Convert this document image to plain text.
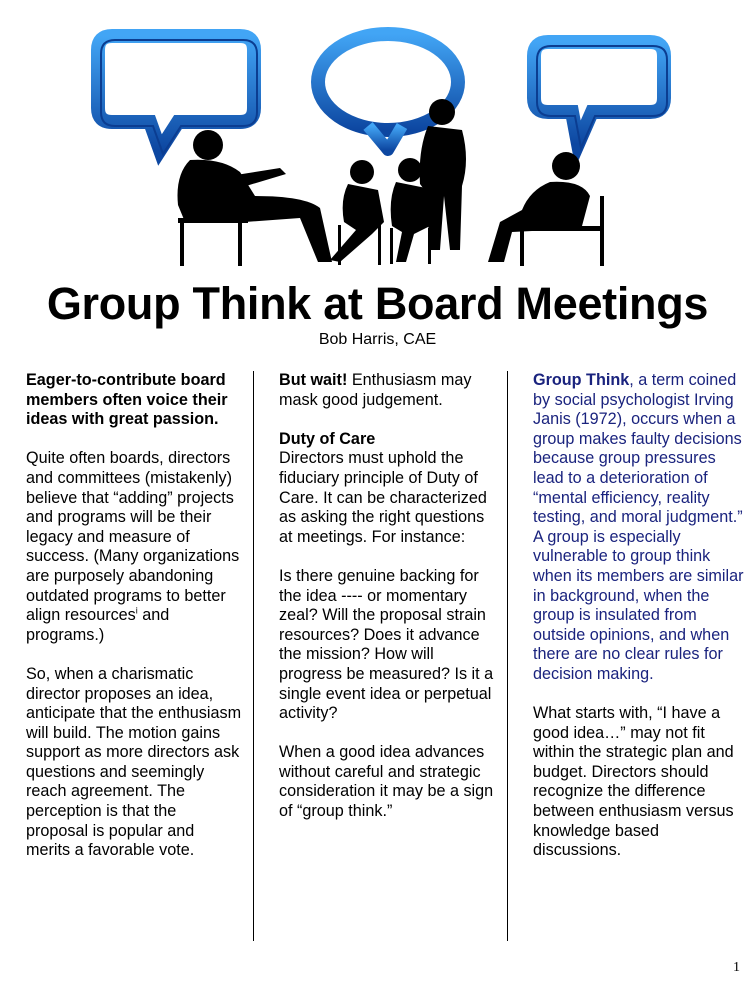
Group Think at Board Meetings
Bob Harris, CAE

Eager-to-contribute board members often voice their ideas with great passion.

Quite often boards, directors and committees (mistakenly) believe that “adding” projects and programs will be their legacy and measure of success. (Many organizations are purposely abandoning outdated programs to better align resources$^i$ and programs.)

So, when a charismatic director proposes an idea, anticipate that the enthusiasm will build. The motion gains support as more directors ask questions and seemingly reach agreement. The perception is that the proposal is popular and merits a favorable vote.

But wait! Enthusiasm may mask good judgement.

Duty of Care
Directors must uphold the fiduciary principle of Duty of Care. It can be characterized as asking the right questions at meetings. For instance:

Is there genuine backing for the idea ---- or momentary zeal? Will the proposal strain resources? Does it advance the mission? How will progress be measured? Is it a single event idea or perpetual activity?

When a good idea advances without careful and strategic consideration it may be a sign of “group think.”

Group Think, a term coined by social psychologist Irving Janis (1972), occurs when a group makes faulty decisions because group pressures lead to a deterioration of “mental efficiency, reality testing, and moral judgment.” A group is especially vulnerable to group think when its members are similar in background, when the group is insulated from outside opinions, and when there are no clear rules for decision making.

What starts with, “I have a good idea…” may not fit within the strategic plan and budget. Directors should recognize the difference between enthusiasm versus knowledge based discussions.

1
